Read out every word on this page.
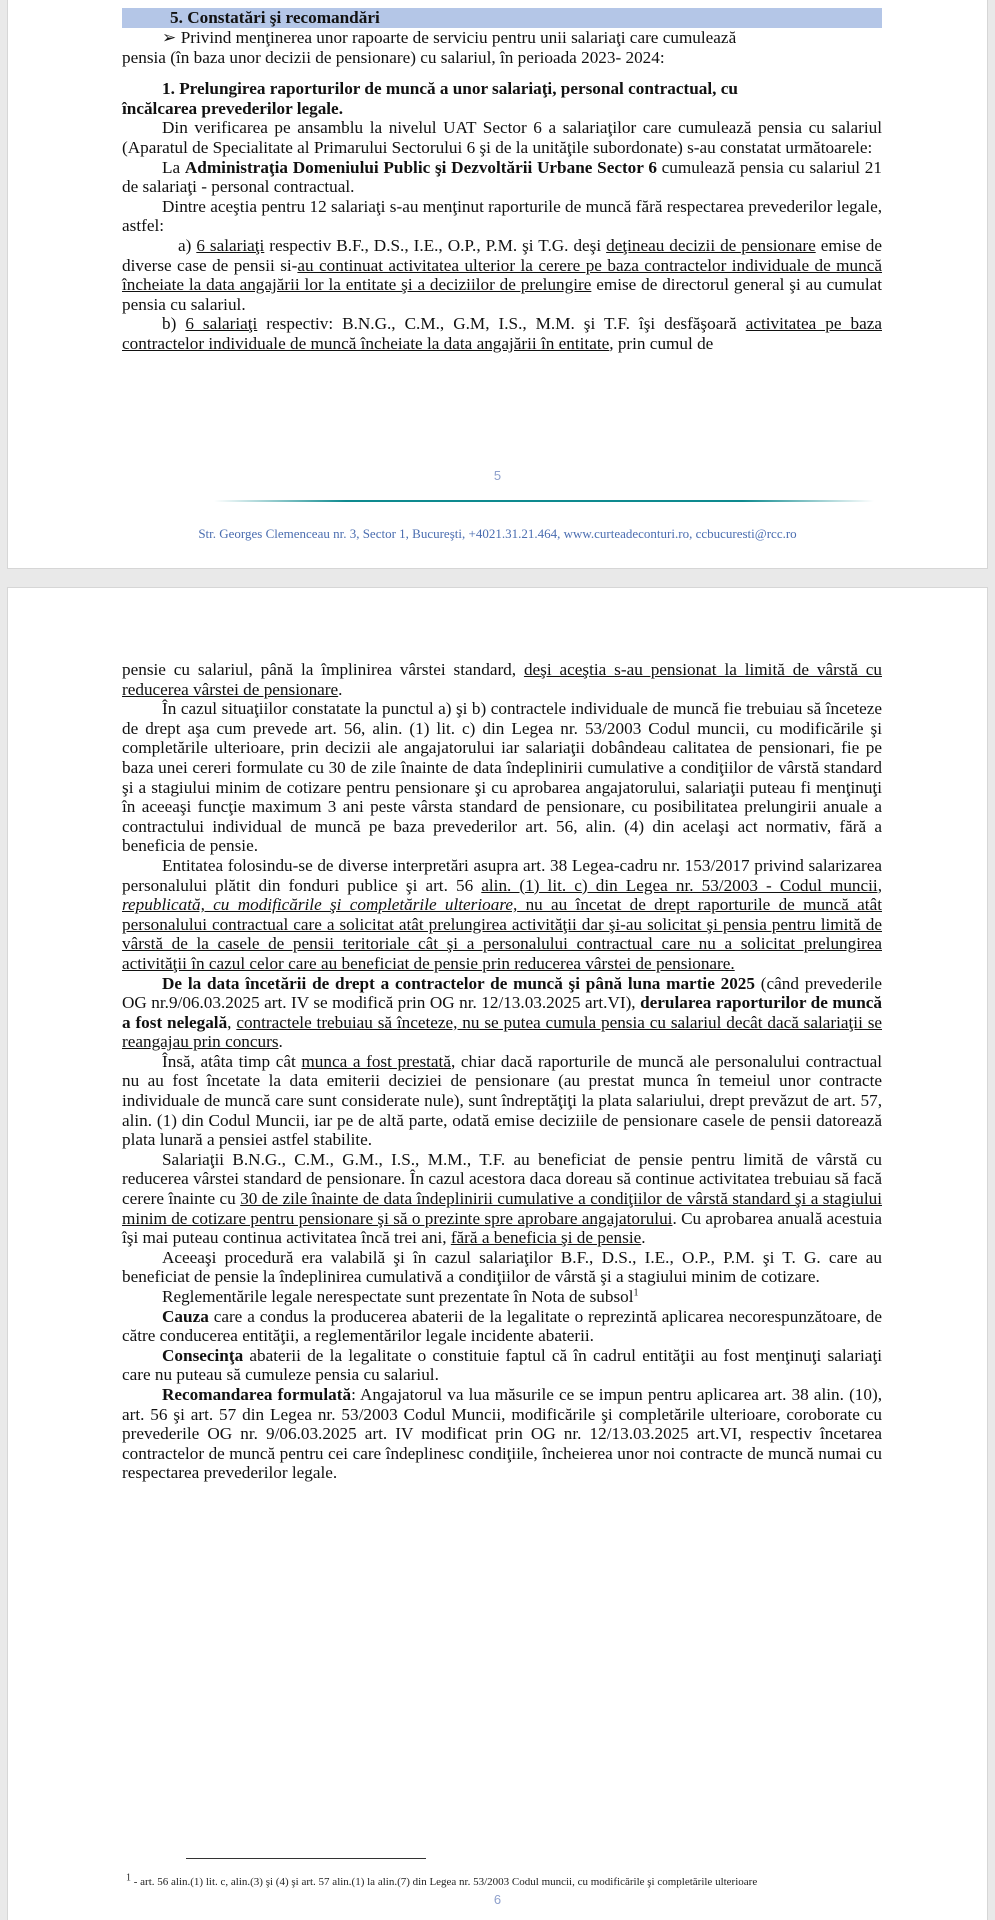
5. Constatări şi recomandări

➢ Privind menţinerea unor rapoarte de serviciu pentru unii salariaţi care cumulează

pensia (în baza unor decizii de pensionare) cu salariul, în perioada 2023- 2024:

1. Prelungirea raporturilor de muncă a unor salariaţi, personal contractual, cu

încălcarea prevederilor legale.

Din verificarea pe ansamblu la nivelul UAT Sector 6 a salariaţilor care cumulează pensia cu salariul (Aparatul de Specialitate al Primarului Sectorului 6 şi de la unităţile subordonate) s-au constatat următoarele:

La Administraţia Domeniului Public şi Dezvoltării Urbane Sector 6 cumulează pensia cu salariul 21 de salariaţi - personal contractual.

Dintre aceştia pentru 12 salariaţi s-au menţinut raporturile de muncă fără respectarea prevederilor legale, astfel:

a) 6 salariaţi respectiv B.F., D.S., I.E., O.P., P.M. şi T.G. deşi deţineau decizii de pensionare emise de diverse case de pensii si-au continuat activitatea ulterior la cerere pe baza contractelor individuale de muncă încheiate la data angajării lor la entitate şi a deciziilor de prelungire emise de directorul general şi au cumulat pensia cu salariul.

b) 6 salariaţi respectiv: B.N.G., C.M., G.M, I.S., M.M. şi T.F. îşi desfăşoară activitatea pe baza contractelor individuale de muncă încheiate la data angajării în entitate, prin cumul de

5
Str. Georges Clemenceau nr. 3, Sector 1, Bucureşti, +4021.31.21.464, www.curteadeconturi.ro, ccbucuresti@rcc.ro

pensie cu salariul, până la împlinirea vârstei standard, deşi aceştia s-au pensionat la limită de vârstă cu reducerea vârstei de pensionare.

În cazul situaţiilor constatate la punctul a) şi b) contractele individuale de muncă fie trebuiau să înceteze de drept aşa cum prevede art. 56, alin. (1) lit. c) din Legea nr. 53/2003 Codul muncii, cu modificările şi completările ulterioare, prin decizii ale angajatorului iar salariaţii dobândeau calitatea de pensionari, fie pe baza unei cereri formulate cu 30 de zile înainte de data îndeplinirii cumulative a condiţiilor de vârstă standard şi a stagiului minim de cotizare pentru pensionare şi cu aprobarea angajatorului, salariaţii puteau fi menţinuţi în aceeaşi funcţie maximum 3 ani peste vârsta standard de pensionare, cu posibilitatea prelungirii anuale a contractului individual de muncă pe baza prevederilor art. 56, alin. (4) din acelaşi act normativ, fără a beneficia de pensie.

Entitatea folosindu-se de diverse interpretări asupra art. 38 Legea-cadru nr. 153/2017 privind salarizarea personalului plătit din fonduri publice şi art. 56 alin. (1) lit. c) din Legea nr. 53/2003 - Codul muncii, republicată, cu modificările şi completările ulterioare, nu au încetat de drept raporturile de muncă atât personalului contractual care a solicitat atât prelungirea activităţii dar şi-au solicitat şi pensia pentru limită de vârstă de la casele de pensii teritoriale cât şi a personalului contractual care nu a solicitat prelungirea activităţii în cazul celor care au beneficiat de pensie prin reducerea vârstei de pensionare.

De la data încetării de drept a contractelor de muncă şi până luna martie 2025 (când prevederile OG nr.9/06.03.2025 art. IV se modifică prin OG nr. 12/13.03.2025 art.VI), derularea raporturilor de muncă a fost nelegală, contractele trebuiau să înceteze, nu se putea cumula pensia cu salariul decât dacă salariaţii se reangajau prin concurs.

Însă, atâta timp cât munca a fost prestată, chiar dacă raporturile de muncă ale personalului contractual nu au fost încetate la data emiterii deciziei de pensionare (au prestat munca în temeiul unor contracte individuale de muncă care sunt considerate nule), sunt îndreptăţiţi la plata salariului, drept prevăzut de art. 57, alin. (1) din Codul Muncii, iar pe de altă parte, odată emise deciziile de pensionare casele de pensii datorează plata lunară a pensiei astfel stabilite.

Salariaţii B.N.G., C.M., G.M., I.S., M.M., T.F. au beneficiat de pensie pentru limită de vârstă cu reducerea vârstei standard de pensionare. În cazul acestora daca doreau să continue activitatea trebuiau să facă cerere înainte cu 30 de zile înainte de data îndeplinirii cumulative a condiţiilor de vârstă standard şi a stagiului minim de cotizare pentru pensionare şi să o prezinte spre aprobare angajatorului. Cu aprobarea anuală acestuia îşi mai puteau continua activitatea încă trei ani, fără a beneficia şi de pensie.

Aceeaşi procedură era valabilă şi în cazul salariaţilor B.F., D.S., I.E., O.P., P.M. şi T. G. care au beneficiat de pensie la îndeplinirea cumulativă a condiţiilor de vârstă şi a stagiului minim de cotizare.

Reglementările legale nerespectate sunt prezentate în Nota de subsol$^1$

Cauza care a condus la producerea abaterii de la legalitate o reprezintă aplicarea necorespunzătoare, de către conducerea entităţii, a reglementărilor legale incidente abaterii.

Consecinţa abaterii de la legalitate o constituie faptul că în cadrul entităţii au fost menţinuţi salariaţi care nu puteau să cumuleze pensia cu salariul.

Recomandarea formulată: Angajatorul va lua măsurile ce se impun pentru aplicarea art. 38 alin. (10), art. 56 şi art. 57 din Legea nr. 53/2003 Codul Muncii, modificările şi completările ulterioare, coroborate cu prevederile OG nr. 9/06.03.2025 art. IV modificat prin OG nr. 12/13.03.2025 art.VI, respectiv încetarea contractelor de muncă pentru cei care îndeplinesc condiţiile, încheierea unor noi contracte de muncă numai cu respectarea prevederilor legale.

$^1$ - art. 56 alin.(1) lit. c, alin.(3) şi (4) şi art. 57 alin.(1) la alin.(7) din Legea nr. 53/2003 Codul muncii, cu modificările şi completările ulterioare
6
